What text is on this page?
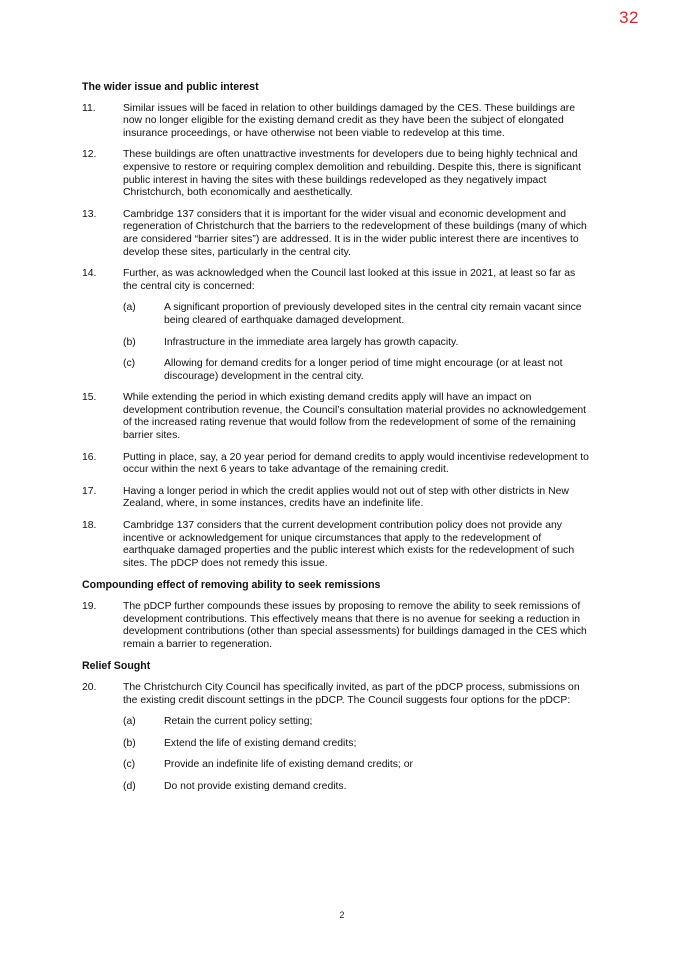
32
The wider issue and public interest
11.	Similar issues will be faced in relation to other buildings damaged by the CES. These buildings are now no longer eligible for the existing demand credit as they have been the subject of elongated insurance proceedings, or have otherwise not been viable to redevelop at this time.
12.	These buildings are often unattractive investments for developers due to being highly technical and expensive to restore or requiring complex demolition and rebuilding. Despite this, there is significant public interest in having the sites with these buildings redeveloped as they negatively impact Christchurch, both economically and aesthetically.
13.	Cambridge 137 considers that it is important for the wider visual and economic development and regeneration of Christchurch that the barriers to the redevelopment of these buildings (many of which are considered “barrier sites”) are addressed. It is in the wider public interest there are incentives to develop these sites, particularly in the central city.
14.	Further, as was acknowledged when the Council last looked at this issue in 2021, at least so far as the central city is concerned:
(a)	A significant proportion of previously developed sites in the central city remain vacant since being cleared of earthquake damaged development.
(b)	Infrastructure in the immediate area largely has growth capacity.
(c)	Allowing for demand credits for a longer period of time might encourage (or at least not discourage) development in the central city.
15.	While extending the period in which existing demand credits apply will have an impact on development contribution revenue, the Council’s consultation material provides no acknowledgement of the increased rating revenue that would follow from the redevelopment of some of the remaining barrier sites.
16.	Putting in place, say, a 20 year period for demand credits to apply would incentivise redevelopment to occur within the next 6 years to take advantage of the remaining credit.
17.	Having a longer period in which the credit applies would not out of step with other districts in New Zealand, where, in some instances, credits have an indefinite life.
18.	Cambridge 137 considers that the current development contribution policy does not provide any incentive or acknowledgement for unique circumstances that apply to the redevelopment of earthquake damaged properties and the public interest which exists for the redevelopment of such sites. The pDCP does not remedy this issue.
Compounding effect of removing ability to seek remissions
19.	The pDCP further compounds these issues by proposing to remove the ability to seek remissions of development contributions. This effectively means that there is no avenue for seeking a reduction in development contributions (other than special assessments) for buildings damaged in the CES which remain a barrier to regeneration.
Relief Sought
20.	The Christchurch City Council has specifically invited, as part of the pDCP process, submissions on the existing credit discount settings in the pDCP. The Council suggests four options for the pDCP:
(a)	Retain the current policy setting;
(b)	Extend the life of existing demand credits;
(c)	Provide an indefinite life of existing demand credits; or
(d)	Do not provide existing demand credits.
2
